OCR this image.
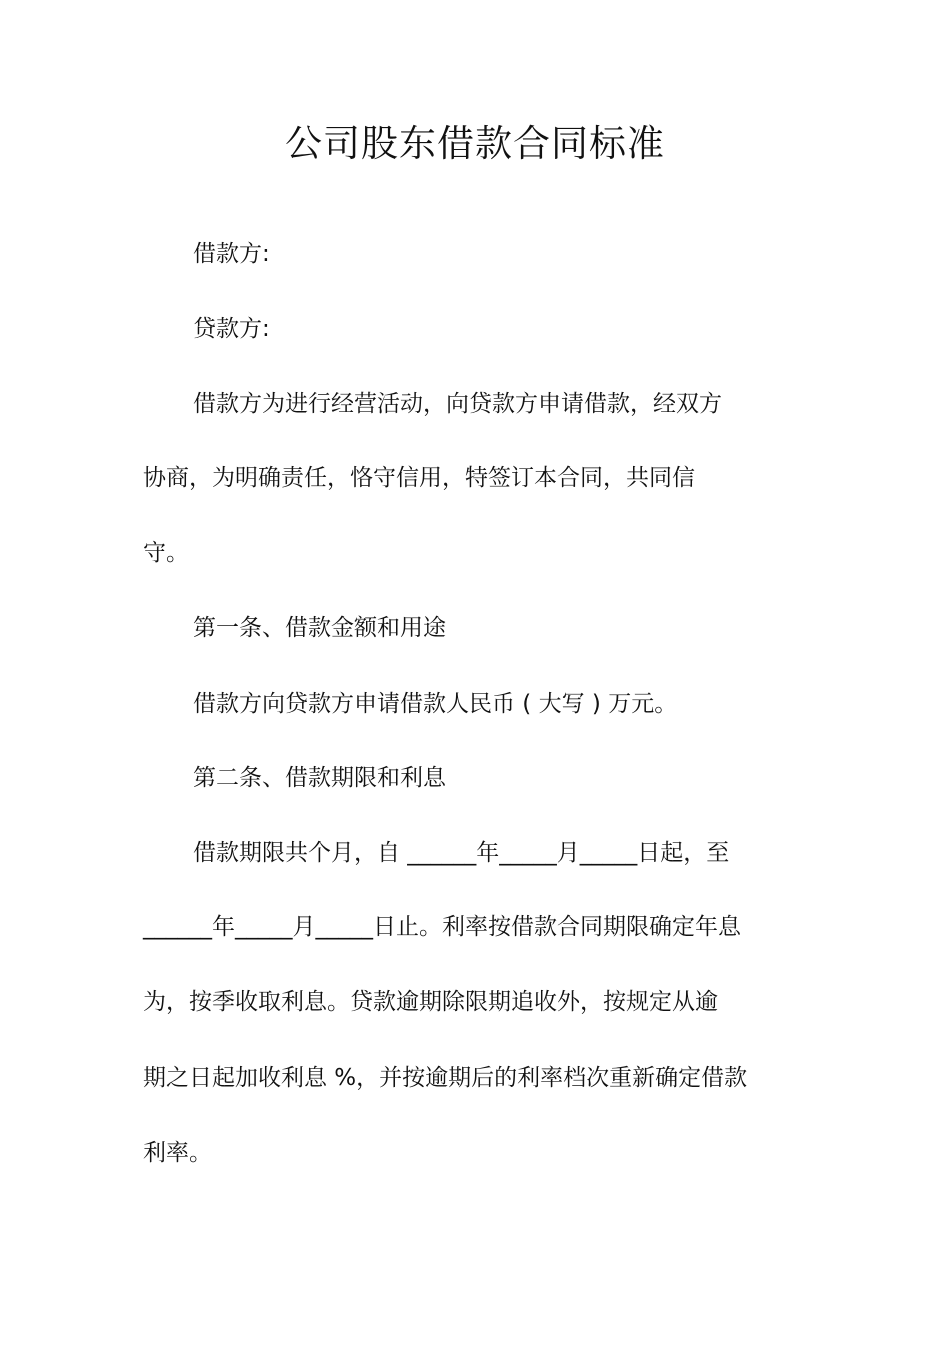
公司股东借款合同标准
借款方:
贷款方:
借款方为进行经营活动，向贷款方申请借款，经双方
协商，为明确责任，恪守信用，特签订本合同，共同信
守。
第一条、借款金额和用途
借款方向贷款方申请借款人民币 ( 大写 ) 万元。
第二条、借款期限和利息
借款期限共个月，自 ______年_____月_____日起，至
______年_____月_____日止。利率按借款合同期限确定年息
为，按季收取利息。贷款逾期除限期追收外，按规定从逾
期之日起加收利息 %，并按逾期后的利率档次重新确定借款
利率。
